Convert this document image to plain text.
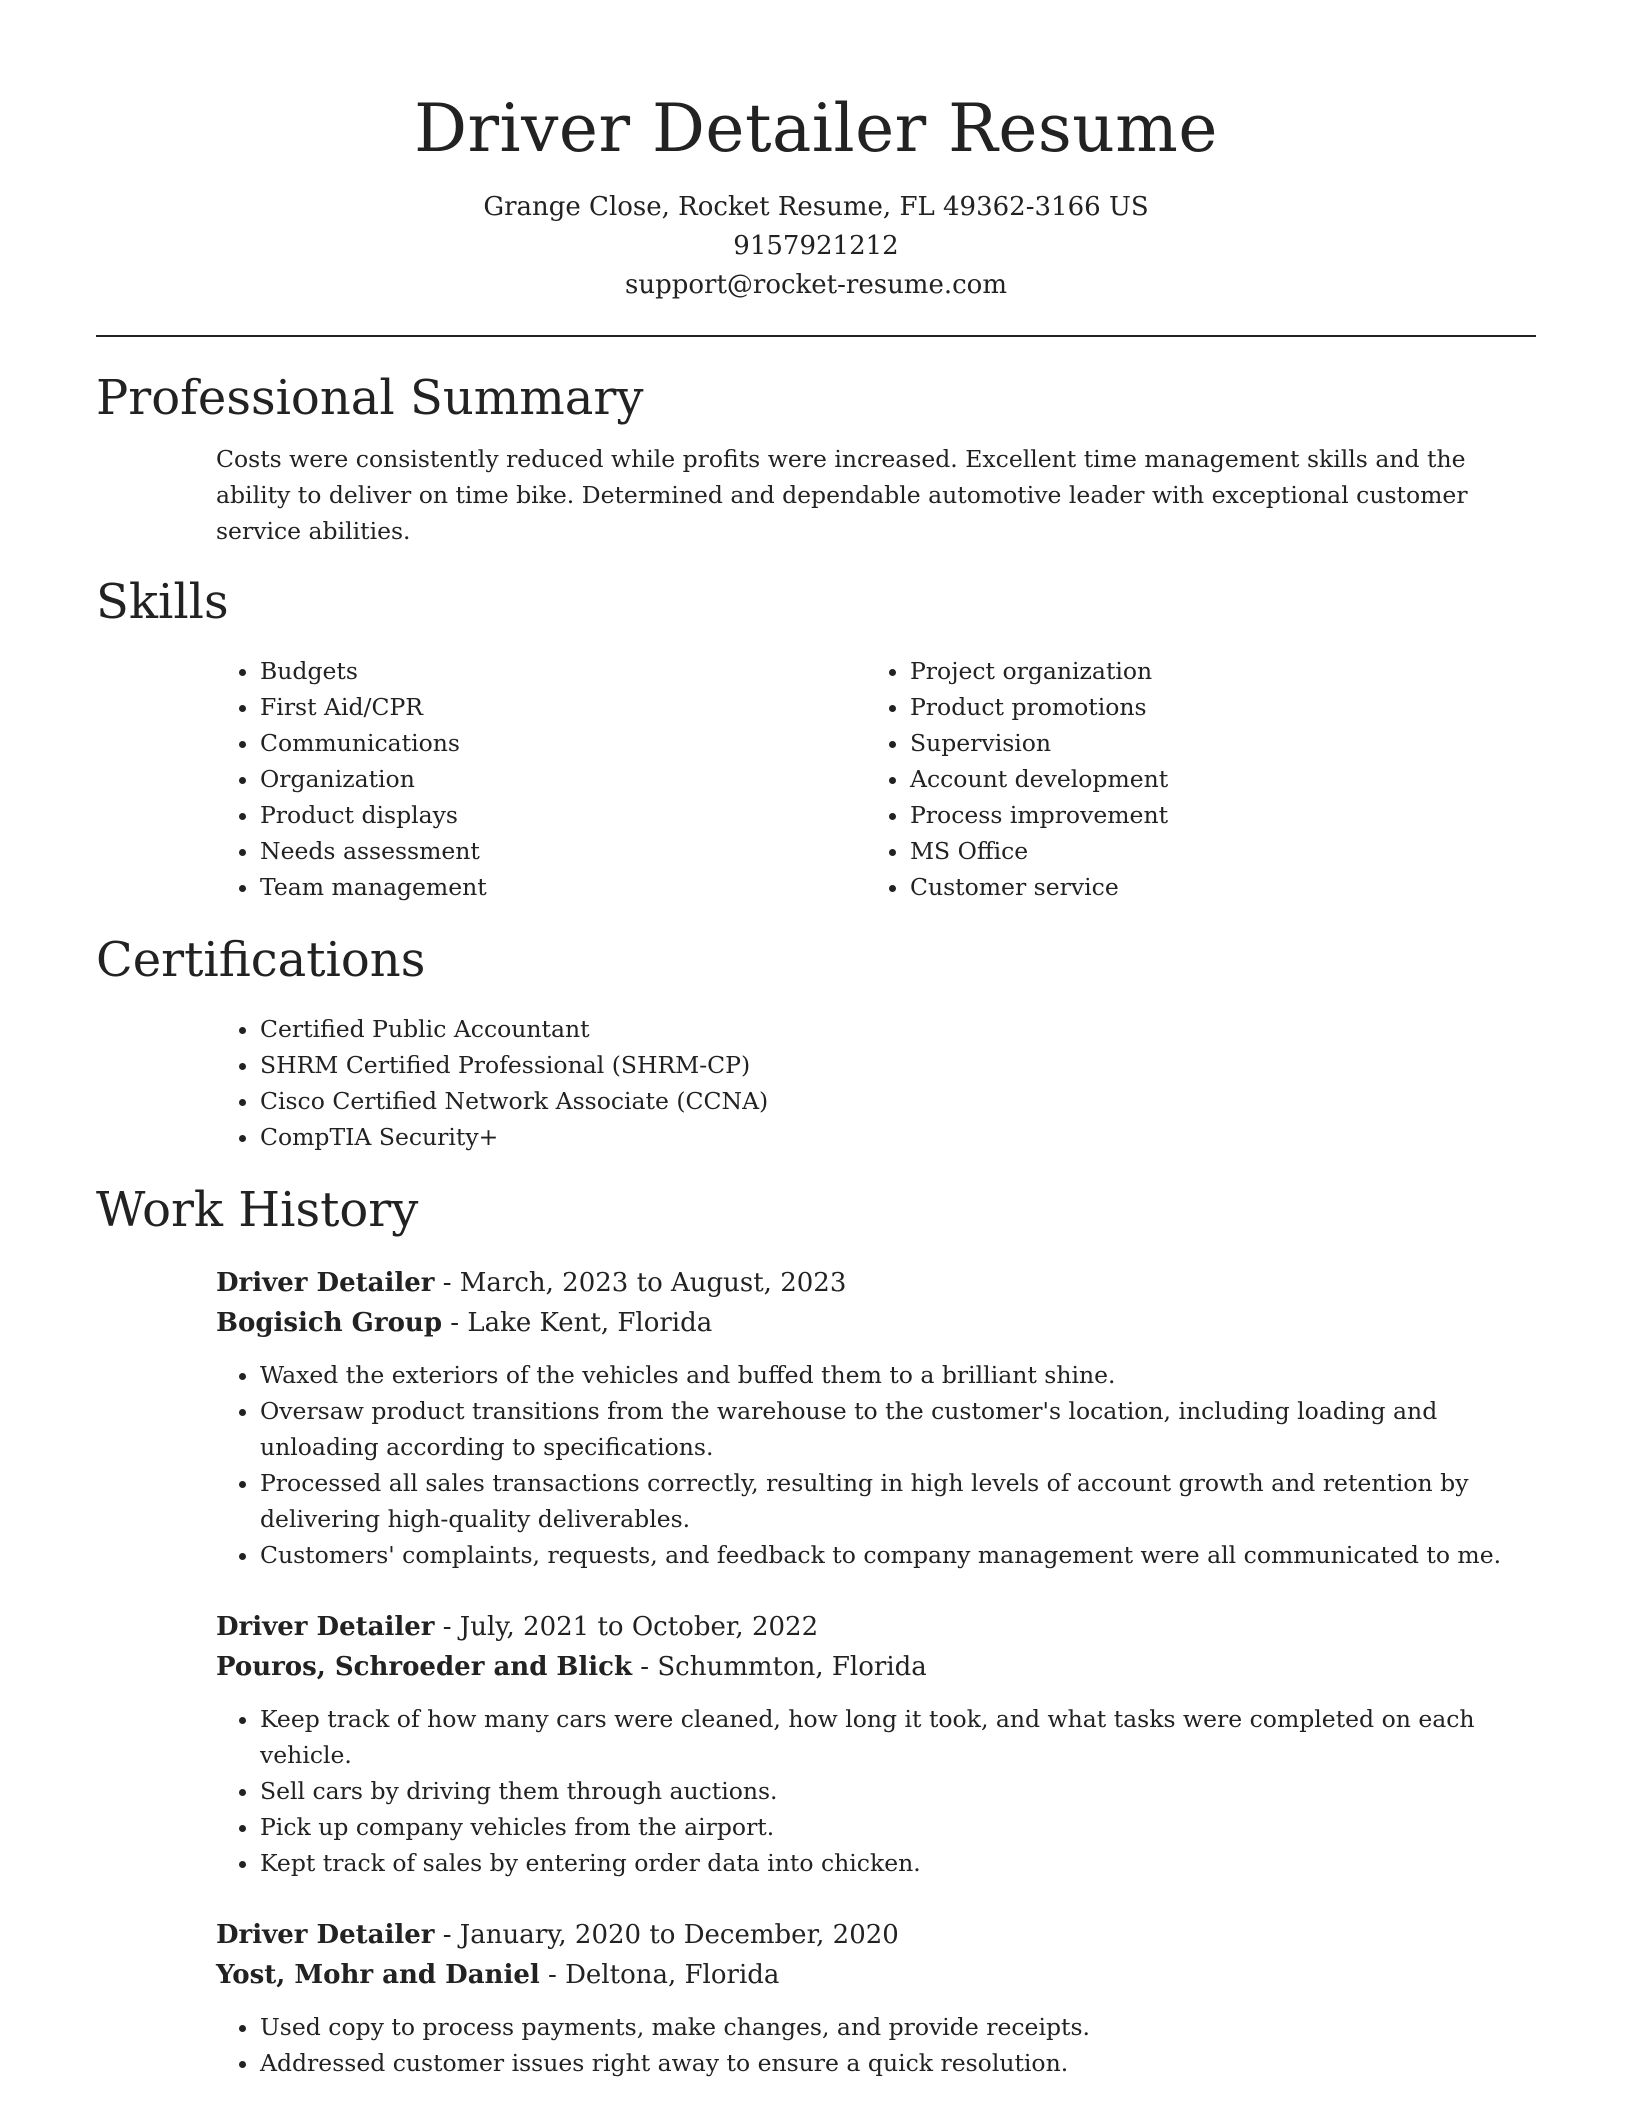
Driver Detailer Resume
Grange Close, Rocket Resume, FL 49362-3166 US
9157921212
support@rocket-resume.com
Professional Summary

Costs were consistently reduced while profits were increased. Excellent time management skills and the ability to deliver on time bike. Determined and dependable automotive leader with exceptional customer service abilities.

Skills
• Budgets
• First Aid/CPR
• Communications
• Organization
• Product displays
• Needs assessment
• Team management
• Project organization
• Product promotions
• Supervision
• Account development
• Process improvement
• MS Office
• Customer service
Certifications
• Certified Public Accountant
• SHRM Certified Professional (SHRM-CP)
• Cisco Certified Network Associate (CCNA)
• CompTIA Security+
Work History
Driver Detailer - March, 2023 to August, 2023
Bogisich Group - Lake Kent, Florida
• Waxed the exteriors of the vehicles and buffed them to a brilliant shine.
• Oversaw product transitions from the warehouse to the customer's location, including loading and unloading according to specifications.
• Processed all sales transactions correctly, resulting in high levels of account growth and retention by delivering high-quality deliverables.
• Customers' complaints, requests, and feedback to company management were all communicated to me.
Driver Detailer - July, 2021 to October, 2022
Pouros, Schroeder and Blick - Schummton, Florida
• Keep track of how many cars were cleaned, how long it took, and what tasks were completed on each vehicle.
• Sell cars by driving them through auctions.
• Pick up company vehicles from the airport.
• Kept track of sales by entering order data into chicken.
Driver Detailer - January, 2020 to December, 2020
Yost, Mohr and Daniel - Deltona, Florida
• Used copy to process payments, make changes, and provide receipts.
• Addressed customer issues right away to ensure a quick resolution.
